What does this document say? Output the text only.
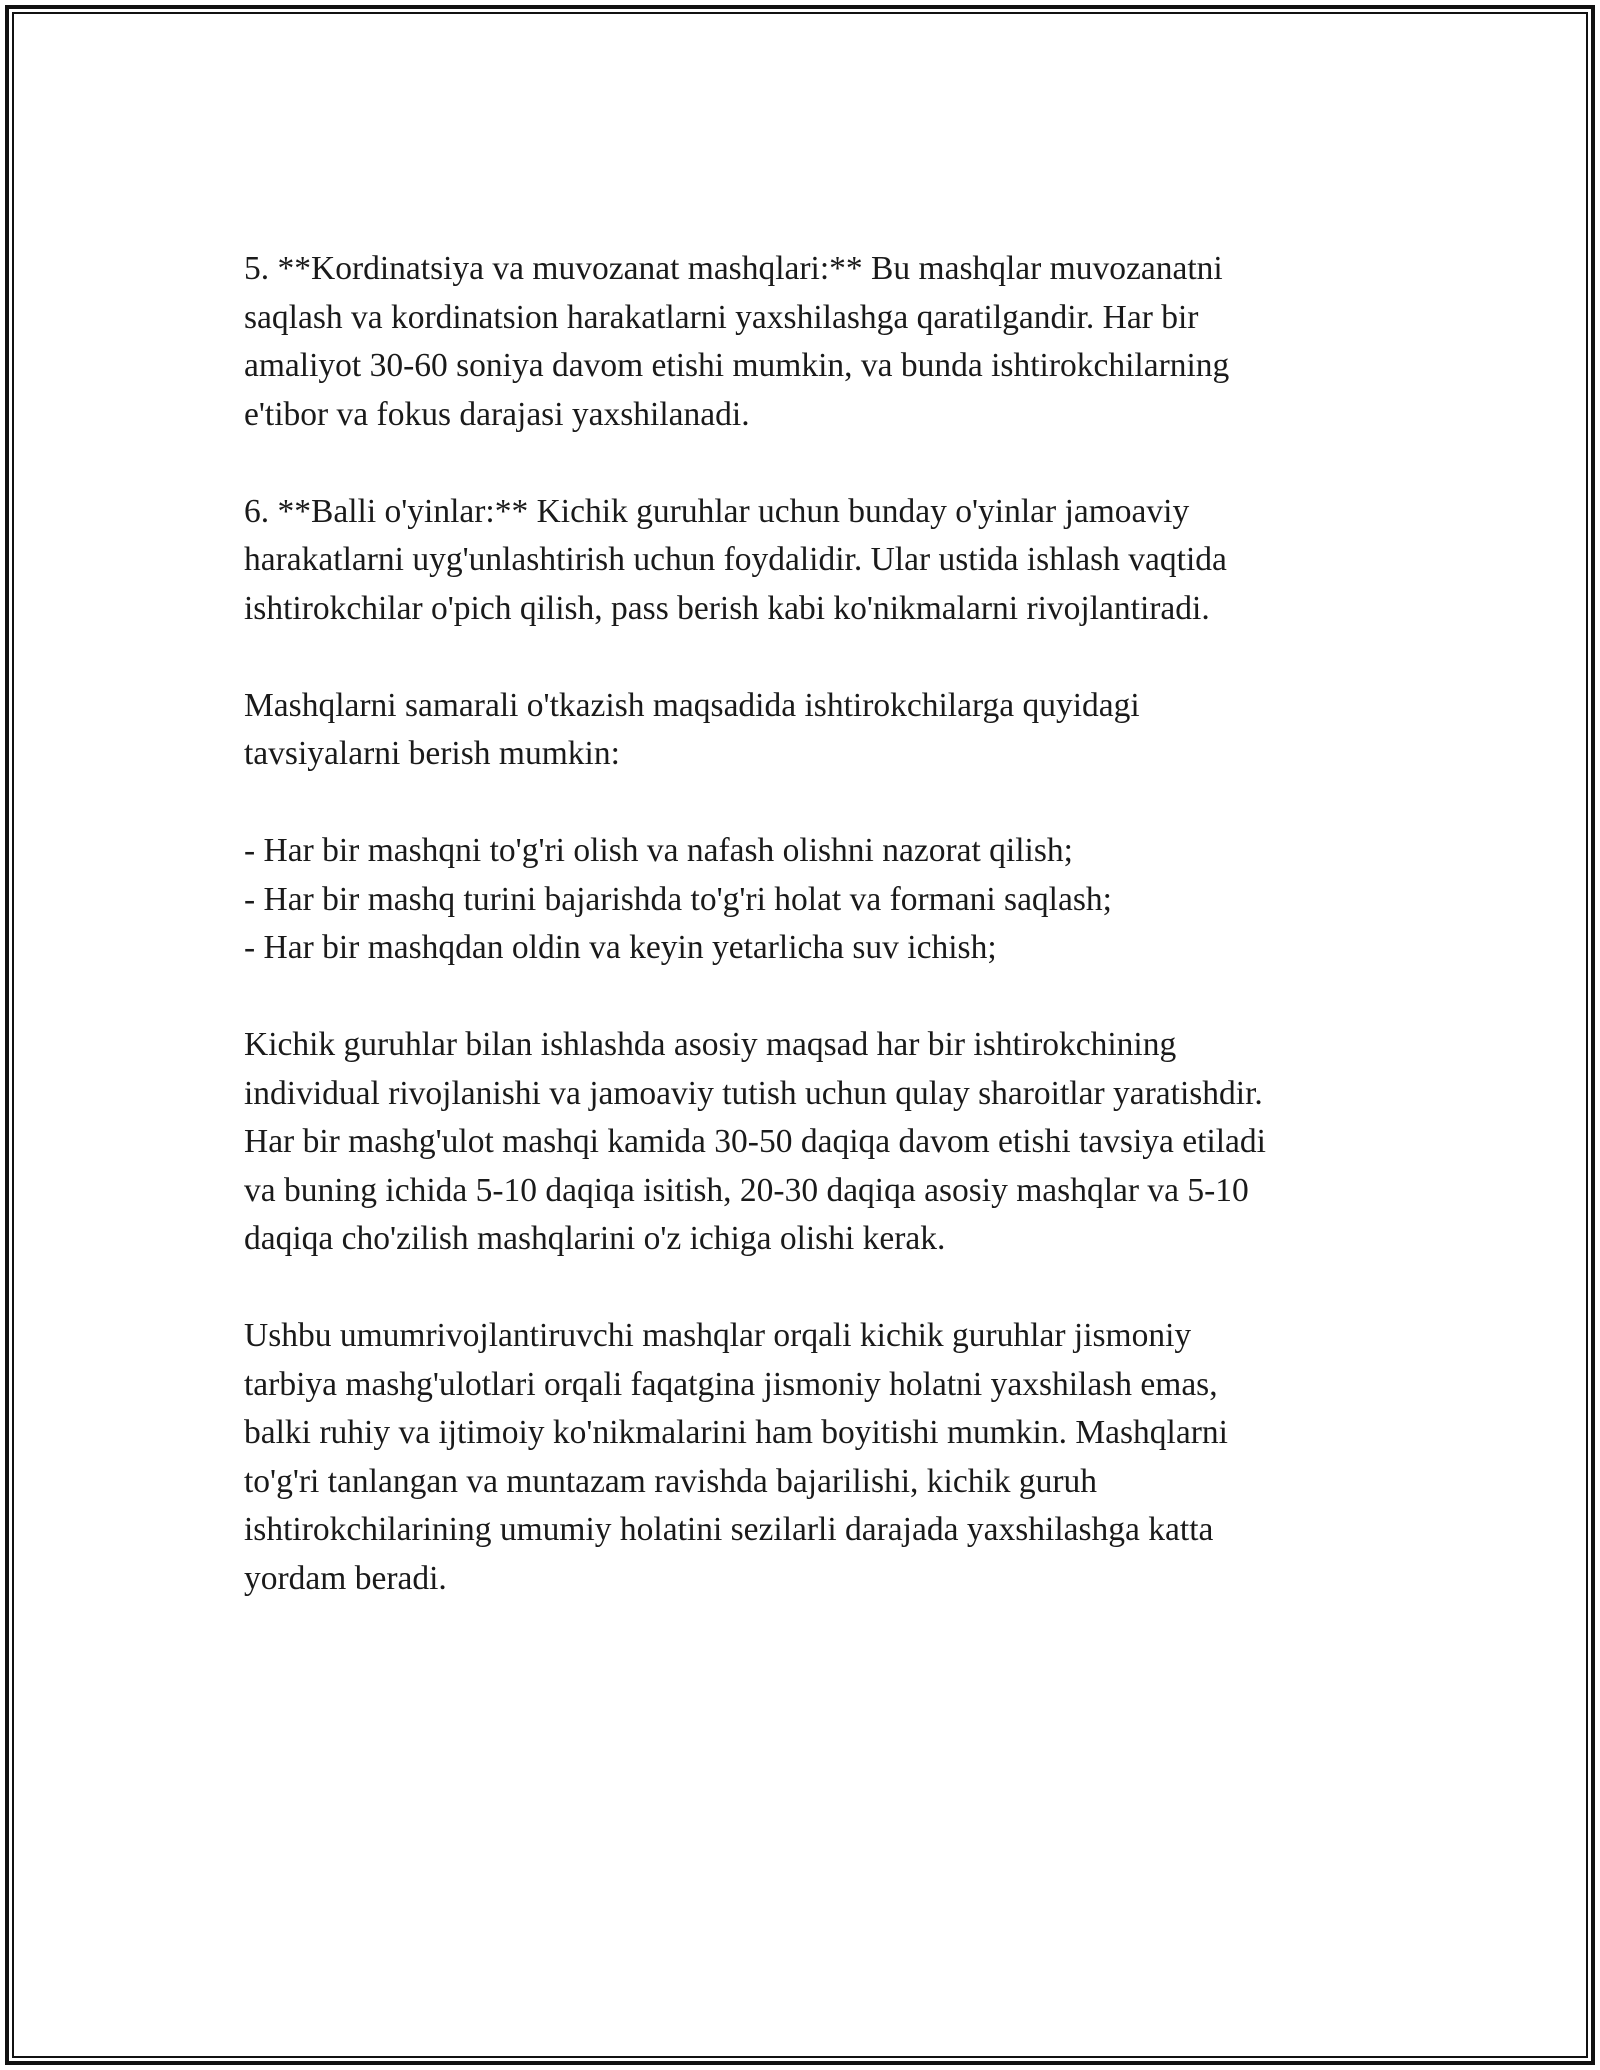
5. **Kordinatsiya va muvozanat mashqlari:** Bu mashqlar muvozanatni
saqlash va kordinatsion harakatlarni yaxshilashga qaratilgandir. Har bir
amaliyot 30-60 soniya davom etishi mumkin, va bunda ishtirokchilarning
e'tibor va fokus darajasi yaxshilanadi.

6. **Balli o'yinlar:** Kichik guruhlar uchun bunday o'yinlar jamoaviy
harakatlarni uyg'unlashtirish uchun foydalidir. Ular ustida ishlash vaqtida
ishtirokchilar o'pich qilish, pass berish kabi ko'nikmalarni rivojlantiradi.

Mashqlarni samarali o'tkazish maqsadida ishtirokchilarga quyidagi
tavsiyalarni berish mumkin:

- Har bir mashqni to'g'ri olish va nafash olishni nazorat qilish;
- Har bir mashq turini bajarishda to'g'ri holat va formani saqlash;
- Har bir mashqdan oldin va keyin yetarlicha suv ichish;

Kichik guruhlar bilan ishlashda asosiy maqsad har bir ishtirokchining
individual rivojlanishi va jamoaviy tutish uchun qulay sharoitlar yaratishdir.
Har bir mashg'ulot mashqi kamida 30-50 daqiqa davom etishi tavsiya etiladi
va buning ichida 5-10 daqiqa isitish, 20-30 daqiqa asosiy mashqlar va 5-10
daqiqa cho'zilish mashqlarini o'z ichiga olishi kerak.

Ushbu umumrivojlantiruvchi mashqlar orqali kichik guruhlar jismoniy
tarbiya mashg'ulotlari orqali faqatgina jismoniy holatni yaxshilash emas,
balki ruhiy va ijtimoiy ko'nikmalarini ham boyitishi mumkin. Mashqlarni
to'g'ri tanlangan va muntazam ravishda bajarilishi, kichik guruh
ishtirokchilarining umumiy holatini sezilarli darajada yaxshilashga katta
yordam beradi.
